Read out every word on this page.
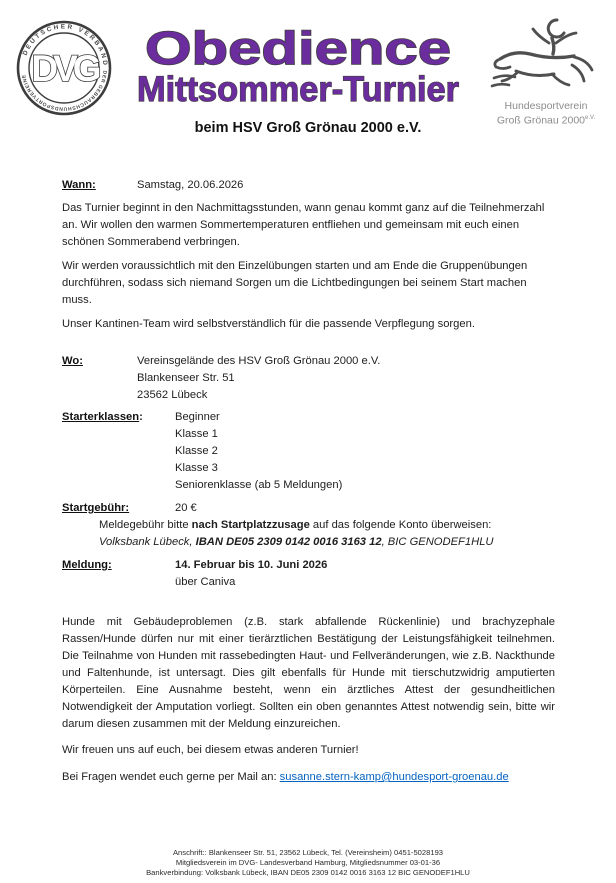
DEUTSCHER VERBAND
DER GEBRAUCHSHUNDSPORTVEREINE DVG Obedience
Mittsommer-Turnier	Hundesportverein
Groß Grönau $2000^{e.V.}$
beim HSV Groß Grönau 2000 e.V.
Wann:	Samstag, 20.06.2026
Das Turnier beginnt in den Nachmittagsstunden, wann genau kommt ganz auf die Teilnehmerzahl an. Wir wollen den warmen Sommertemperaturen entfliehen und gemeinsam mit euch einen schönen Sommerabend verbringen.
Wir werden voraussichtlich mit den Einzelübungen starten und am Ende die Gruppenübungen durchführen, sodass sich niemand Sorgen um die Lichtbedingungen bei seinem Start machen muss.
Unser Kantinen-Team wird selbstverständlich für die passende Verpflegung sorgen.
Wo:	Vereinsgelände des HSV Groß Grönau 2000 e.V.
Blankenseer Str. 51
23562 Lübeck
Starterklassen:	Beginner
Klasse 1
Klasse 2
Klasse 3
Seniorenklasse (ab 5 Meldungen)
Startgebühr:	20 €
Meldegebühr bitte nach Startplatzzusage auf das folgende Konto überweisen:
Volksbank Lübeck, IBAN DE05 2309 0142 0016 3163 12, BIC GENODEF1HLU
Meldung:	14. Februar bis 10. Juni 2026
über Caniva
Hunde mit Gebäudeproblemen (z.B. stark abfallende Rückenlinie) und brachyzephale Rassen/Hunde dürfen nur mit einer tierärztlichen Bestätigung der Leistungsfähigkeit teilnehmen. Die Teilnahme von Hunden mit rassebedingten Haut- und Fellveränderungen, wie z.B. Nackthunde und Faltenhunde, ist untersagt. Dies gilt ebenfalls für Hunde mit tierschutzwidrig amputierten Körperteilen. Eine Ausnahme besteht, wenn ein ärztliches Attest der gesundheitlichen Notwendigkeit der Amputation vorliegt. Sollten ein oben genanntes Attest notwendig sein, bitte wir darum diesen zusammen mit der Meldung einzureichen.
Wir freuen uns auf euch, bei diesem etwas anderen Turnier!
Bei Fragen wendet euch gerne per Mail an: susanne.stern-kamp@hundesport-groenau.de
Anschrift:: Blankenseer Str. 51, 23562 Lübeck, Tel. (Vereinsheim) 0451-5028193
Mitgliedsverein im DVG- Landesverband Hamburg, Mitgliedsnummer 03-01-36
Bankverbindung: Volksbank Lübeck, IBAN DE05 2309 0142 0016 3163 12 BIC GENODEF1HLU
